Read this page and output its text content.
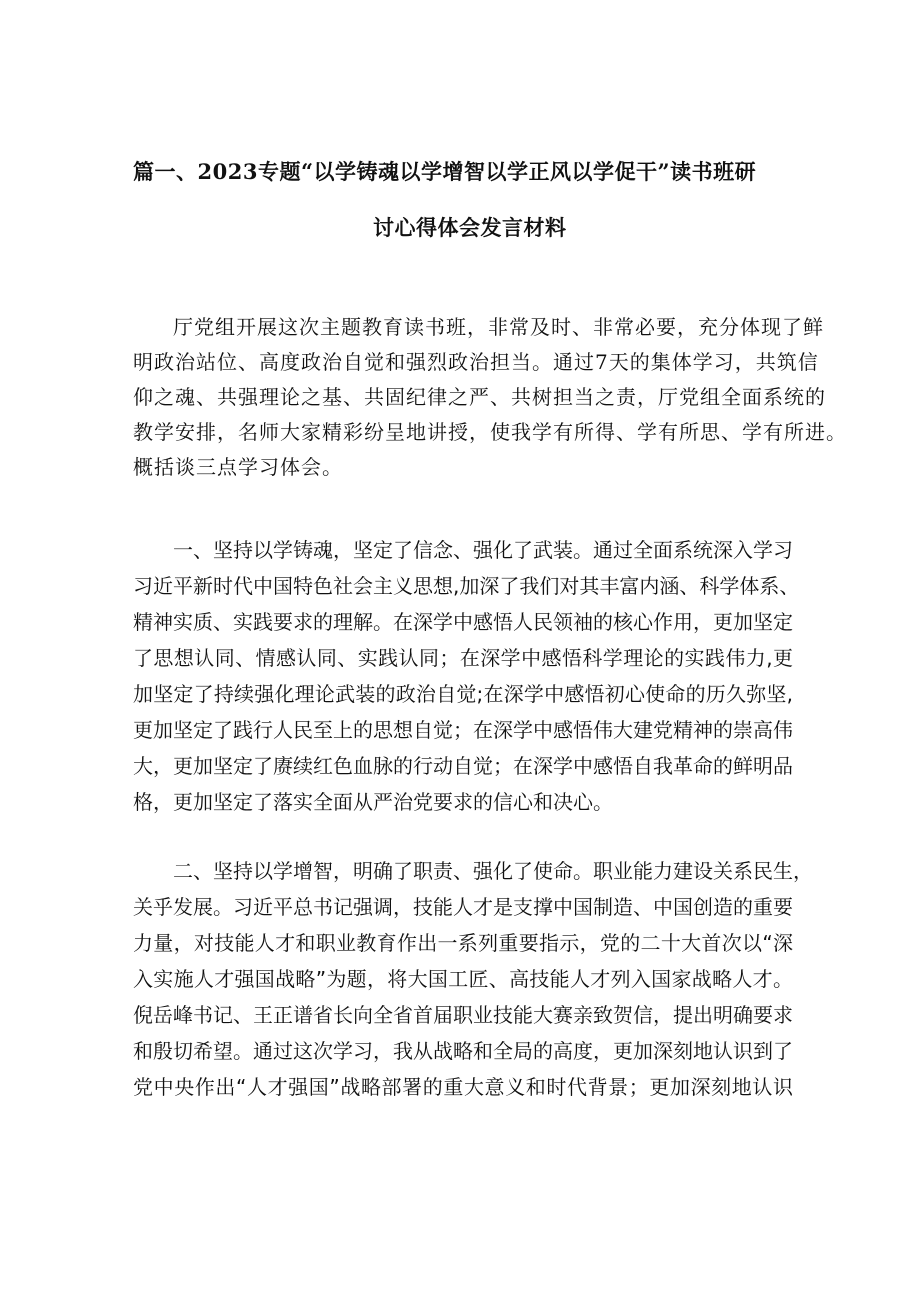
篇一、2023专题“以学铸魂以学增智以学正风以学促干”读书班研
讨心得体会发言材料
厅党组开展这次主题教育读书班，非常及时、非常必要，充分体现了鲜
明政治站位、高度政治自觉和强烈政治担当。通过7天的集体学习，共筑信
仰之魂、共强理论之基、共固纪律之严、共树担当之责，厅党组全面系统的
教学安排，名师大家精彩纷呈地讲授，使我学有所得、学有所思、学有所进。
概括谈三点学习体会。
一、坚持以学铸魂，坚定了信念、强化了武装。通过全面系统深入学习
习近平新时代中国特色社会主义思想,加深了我们对其丰富内涵、科学体系、
精神实质、实践要求的理解。在深学中感悟人民领袖的核心作用，更加坚定
了思想认同、情感认同、实践认同；在深学中感悟科学理论的实践伟力,更
加坚定了持续强化理论武装的政治自觉;在深学中感悟初心使命的历久弥坚,
更加坚定了践行人民至上的思想自觉；在深学中感悟伟大建党精神的崇高伟
大，更加坚定了赓续红色血脉的行动自觉；在深学中感悟自我革命的鲜明品
格，更加坚定了落实全面从严治党要求的信心和决心。
二、坚持以学增智，明确了职责、强化了使命。职业能力建设关系民生，
关乎发展。习近平总书记强调，技能人才是支撑中国制造、中国创造的重要
力量，对技能人才和职业教育作出一系列重要指示，党的二十大首次以“深
入实施人才强国战略”为题，将大国工匠、高技能人才列入国家战略人才。
倪岳峰书记、王正谱省长向全省首届职业技能大赛亲致贺信，提出明确要求
和殷切希望。通过这次学习，我从战略和全局的高度，更加深刻地认识到了
党中央作出“人才强国”战略部署的重大意义和时代背景；更加深刻地认识
